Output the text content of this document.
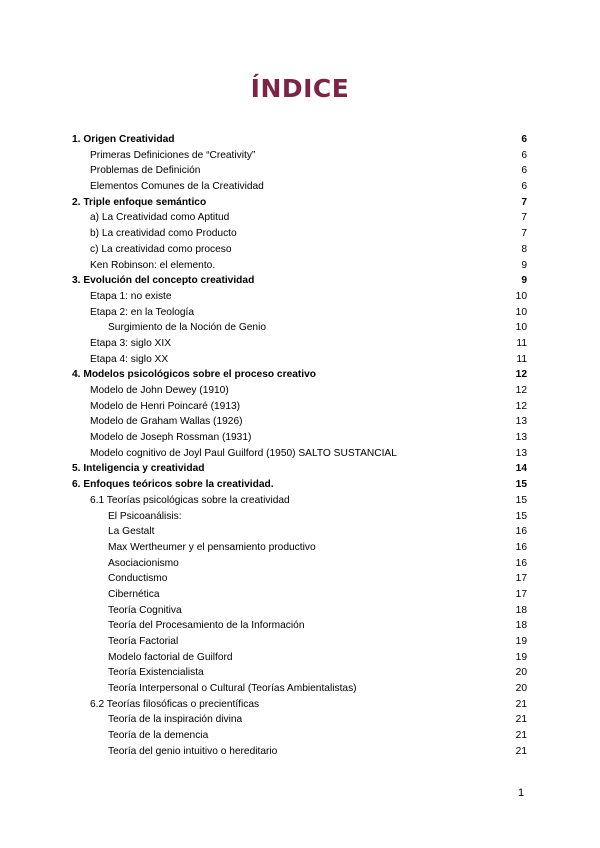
ÍNDICE
1. Origen Creatividad	6
Primeras Definiciones de “Creativity”	6
Problemas de Definición	6
Elementos Comunes de la Creatividad	6
2. Triple enfoque semántico	7
a) La Creatividad como Aptitud	7
b) La creatividad como Producto	7
c) La creatividad como proceso	8
Ken Robinson: el elemento.	9
3. Evolución del concepto creatividad	9
Etapa 1: no existe	10
Etapa 2: en la Teología	10
Surgimiento de la Noción de Genio	10
Etapa 3: siglo XIX	11
Etapa 4: siglo XX	11
4. Modelos psicológicos sobre el proceso creativo	12
Modelo de John Dewey (1910)	12
Modelo de Henri Poincaré (1913)	12
Modelo de Graham Wallas (1926)	13
Modelo de Joseph Rossman (1931)	13
Modelo cognitivo de Joyl Paul Guilford (1950) SALTO SUSTANCIAL	13
5. Inteligencia y creatividad	14
6. Enfoques teóricos sobre la creatividad.	15
6.1 Teorías psicológicas sobre la creatividad	15
El Psicoanálisis:	15
La Gestalt	16
Max Wertheumer y el pensamiento productivo	16
Asociacionismo	16
Conductismo	17
Cibernética	17
Teoría Cognitiva	18
Teoría del Procesamiento de la Información	18
Teoría Factorial	19
Modelo factorial de Guilford	19
Teoría Existencialista	20
Teoría Interpersonal o Cultural (Teorías Ambientalistas)	20
6.2 Teorías filosóficas o precientíficas	21
Teoría de la inspiración divina	21
Teoría de la demencia	21
Teoría del genio intuitivo o hereditario	21
1
